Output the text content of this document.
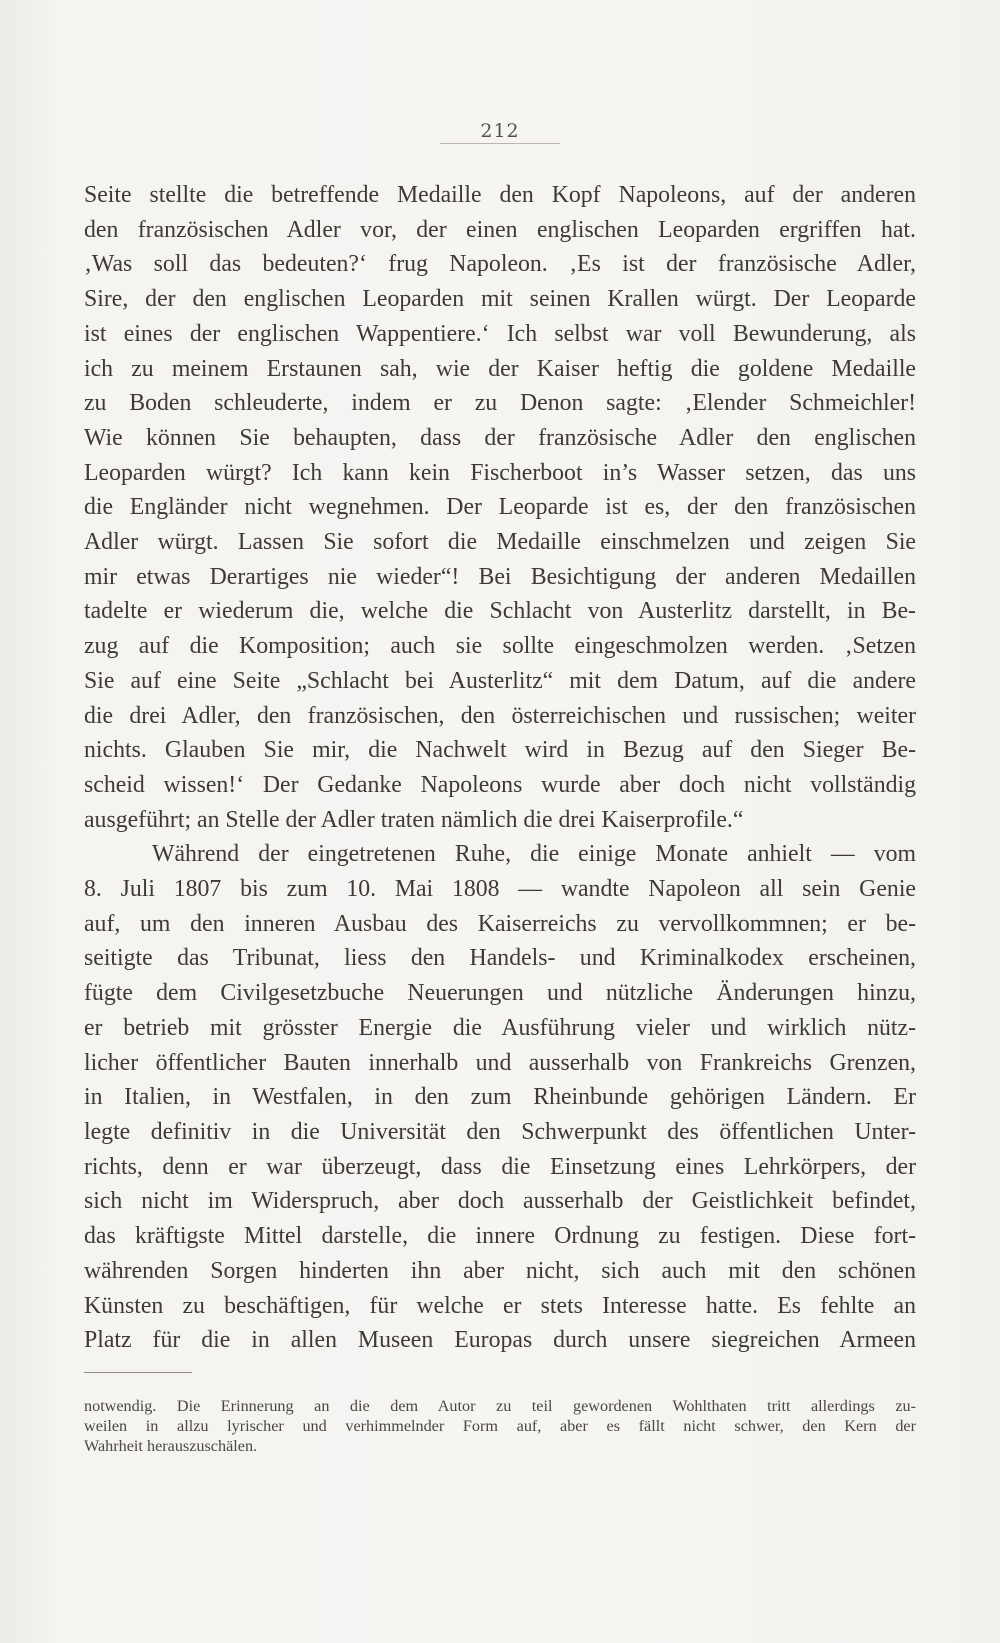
212
Seite stellte die betreffende Medaille den Kopf Napoleons, auf der anderen
den französischen Adler vor, der einen englischen Leoparden ergriffen hat.
‚Was soll das bedeuten?‘ frug Napoleon. ‚Es ist der französische Adler,
Sire, der den englischen Leoparden mit seinen Krallen würgt. Der Leoparde
ist eines der englischen Wappentiere.‘ Ich selbst war voll Bewunderung, als
ich zu meinem Erstaunen sah, wie der Kaiser heftig die goldene Medaille
zu Boden schleuderte, indem er zu Denon sagte: ‚Elender Schmeichler!
Wie können Sie behaupten, dass der französische Adler den englischen
Leoparden würgt? Ich kann kein Fischerboot in’s Wasser setzen, das uns
die Engländer nicht wegnehmen. Der Leoparde ist es, der den französischen
Adler würgt. Lassen Sie sofort die Medaille einschmelzen und zeigen Sie
mir etwas Derartiges nie wieder“! Bei Besichtigung der anderen Medaillen
tadelte er wiederum die, welche die Schlacht von Austerlitz darstellt, in Be-
zug auf die Komposition; auch sie sollte eingeschmolzen werden. ‚Setzen
Sie auf eine Seite „Schlacht bei Austerlitz“ mit dem Datum, auf die andere
die drei Adler, den französischen, den österreichischen und russischen; weiter
nichts. Glauben Sie mir, die Nachwelt wird in Bezug auf den Sieger Be-
scheid wissen!‘ Der Gedanke Napoleons wurde aber doch nicht vollständig
ausgeführt; an Stelle der Adler traten nämlich die drei Kaiserprofile.“
Während der eingetretenen Ruhe, die einige Monate anhielt — vom
8. Juli 1807 bis zum 10. Mai 1808 — wandte Napoleon all sein Genie
auf, um den inneren Ausbau des Kaiserreichs zu vervollkommnen; er be-
seitigte das Tribunat, liess den Handels- und Kriminalkodex erscheinen,
fügte dem Civilgesetzbuche Neuerungen und nützliche Änderungen hinzu,
er betrieb mit grösster Energie die Ausführung vieler und wirklich nütz-
licher öffentlicher Bauten innerhalb und ausserhalb von Frankreichs Grenzen,
in Italien, in Westfalen, in den zum Rheinbunde gehörigen Ländern. Er
legte definitiv in die Universität den Schwerpunkt des öffentlichen Unter-
richts, denn er war überzeugt, dass die Einsetzung eines Lehrkörpers, der
sich nicht im Widerspruch, aber doch ausserhalb der Geistlichkeit befindet,
das kräftigste Mittel darstelle, die innere Ordnung zu festigen. Diese fort-
währenden Sorgen hinderten ihn aber nicht, sich auch mit den schönen
Künsten zu beschäftigen, für welche er stets Interesse hatte. Es fehlte an
Platz für die in allen Museen Europas durch unsere siegreichen Armeen
notwendig. Die Erinnerung an die dem Autor zu teil gewordenen Wohlthaten tritt allerdings zu-
weilen in allzu lyrischer und verhimmelnder Form auf, aber es fällt nicht schwer, den Kern der
Wahrheit herauszuschälen.
